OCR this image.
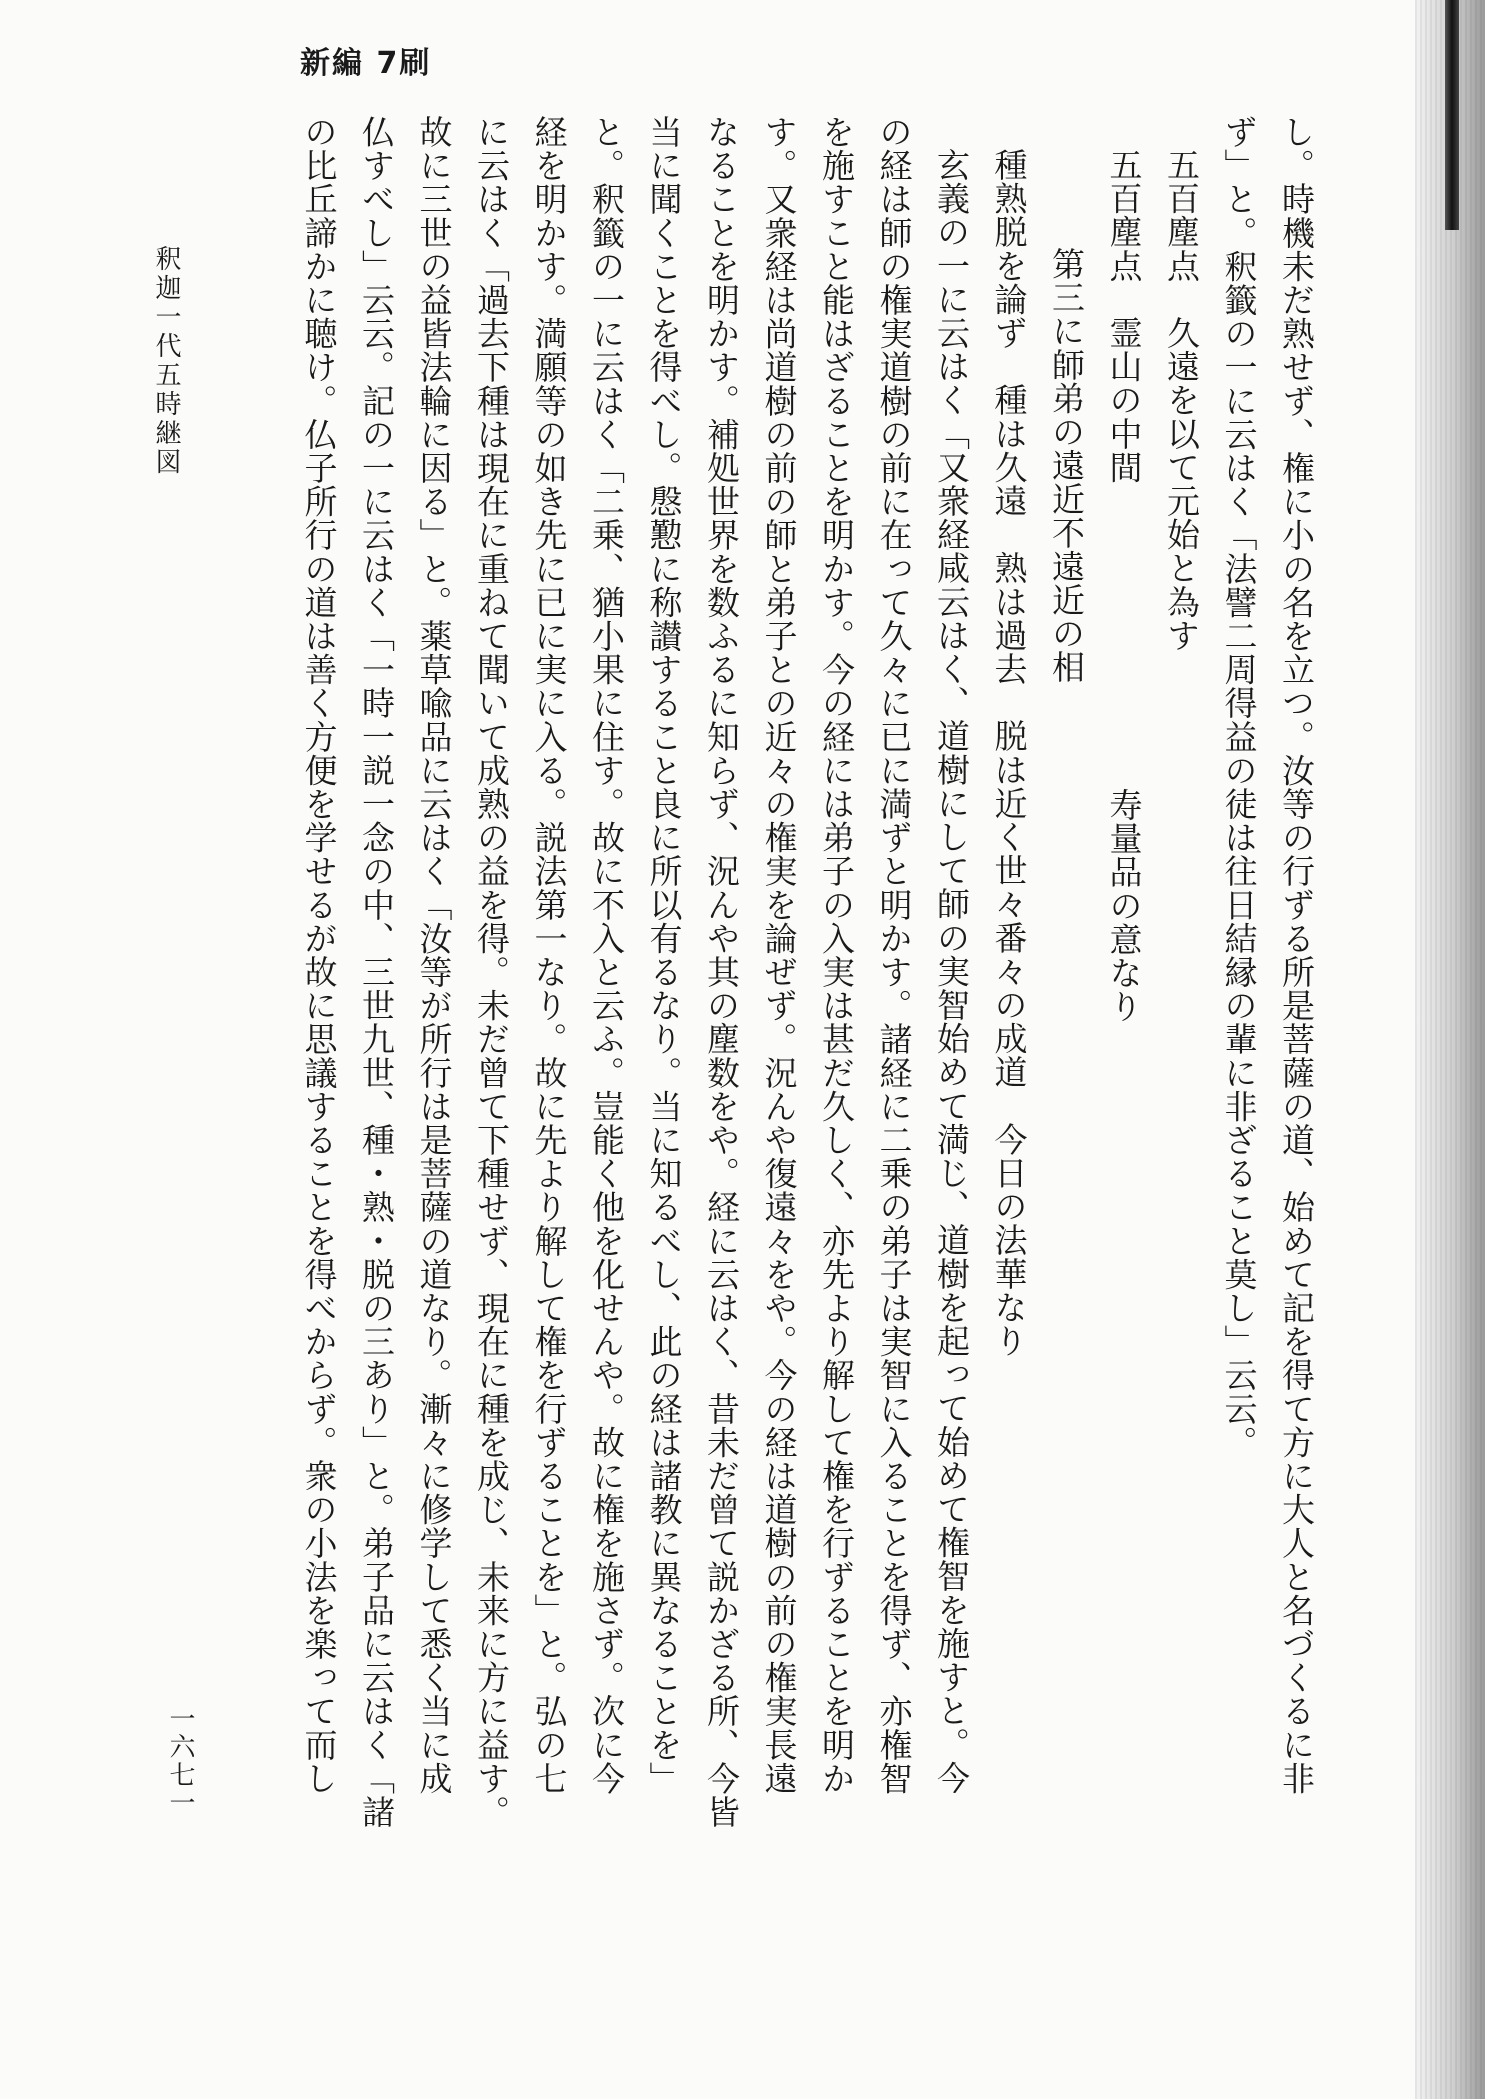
新編 7刷
し。時機未だ熟せず、権に小の名を立つ。汝等の行ずる所是菩薩の道、始めて記を得て方に大人と名づくるに非
ず」と。釈籤の一に云はく「法譬二周得益の徒は往日結縁の輩に非ざること莫し」云云。
五百塵点　久遠を以て元始と為す
五百塵点　霊山の中間寿量品の意なり
第三に師弟の遠近不遠近の相
種熟脱を論ず　種は久遠　熟は過去　脱は近く世々番々の成道　今日の法華なり
玄義の一に云はく「又衆経咸云はく、道樹にして師の実智始めて満じ、道樹を起って始めて権智を施すと。今
の経は師の権実道樹の前に在って久々に已に満ずと明かす。諸経に二乗の弟子は実智に入ることを得ず、亦権智
を施すこと能はざることを明かす。今の経には弟子の入実は甚だ久しく、亦先より解して権を行ずることを明か
す。又衆経は尚道樹の前の師と弟子との近々の権実を論ぜず。況んや復遠々をや。今の経は道樹の前の権実長遠
なることを明かす。補処世界を数ふるに知らず、況んや其の塵数をや。経に云はく、昔未だ曾て説かざる所、今皆
当に聞くことを得べし。慇懃に称讃すること良に所以有るなり。当に知るべし、此の経は諸教に異なることを」
と。釈籤の一に云はく「二乗、猶小果に住す。故に不入と云ふ。豈能く他を化せんや。故に権を施さず。次に今
経を明かす。満願等の如き先に已に実に入る。説法第一なり。故に先より解して権を行ずることを」と。弘の七
に云はく「過去下種は現在に重ねて聞いて成熟の益を得。未だ曾て下種せず、現在に種を成じ、未来に方に益す。
故に三世の益皆法輪に因る」と。薬草喩品に云はく「汝等が所行は是菩薩の道なり。漸々に修学して悉く当に成
仏すべし」云云。記の一に云はく「一時一説一念の中、三世九世、種・熟・脱の三あり」と。弟子品に云はく「諸
の比丘諦かに聴け。仏子所行の道は善く方便を学せるが故に思議することを得べからず。衆の小法を楽って而し
釈迦一代五時継図
一六七一
